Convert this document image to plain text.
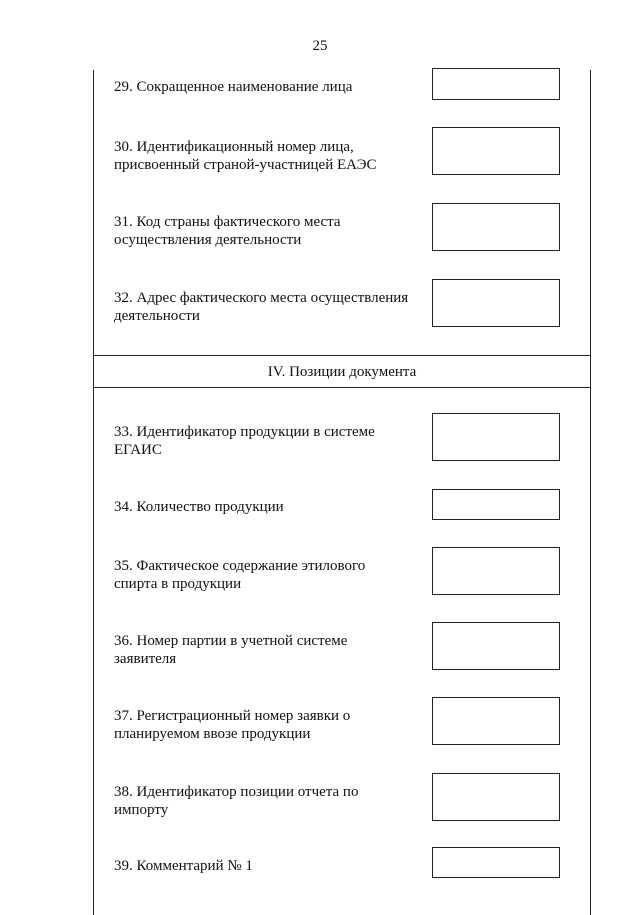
25
IV. Позиции документа
29. Сокращенное наименование лица
30. Идентификационный номер лица,
присвоенный страной-участницей ЕАЭС
31. Код страны фактического места
осуществления деятельности
32. Адрес фактического места осуществления
деятельности
33. Идентификатор продукции в системе
ЕГАИС
34. Количество продукции
35. Фактическое содержание этилового
спирта в продукции
36. Номер партии в учетной системе
заявителя
37. Регистрационный номер заявки о
планируемом ввозе продукции
38. Идентификатор позиции отчета по
импорту
39. Комментарий № 1
